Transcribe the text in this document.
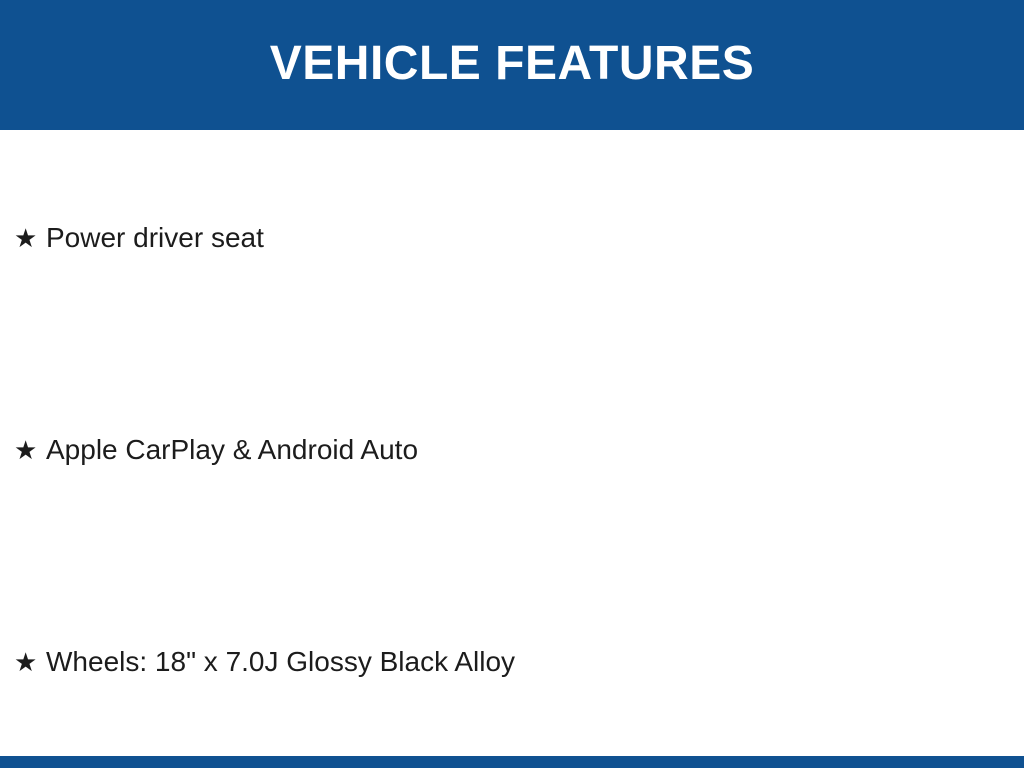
VEHICLE FEATURES
★ Power driver seat
★ Apple CarPlay & Android Auto
★ Wheels: 18" x 7.0J Glossy Black Alloy
